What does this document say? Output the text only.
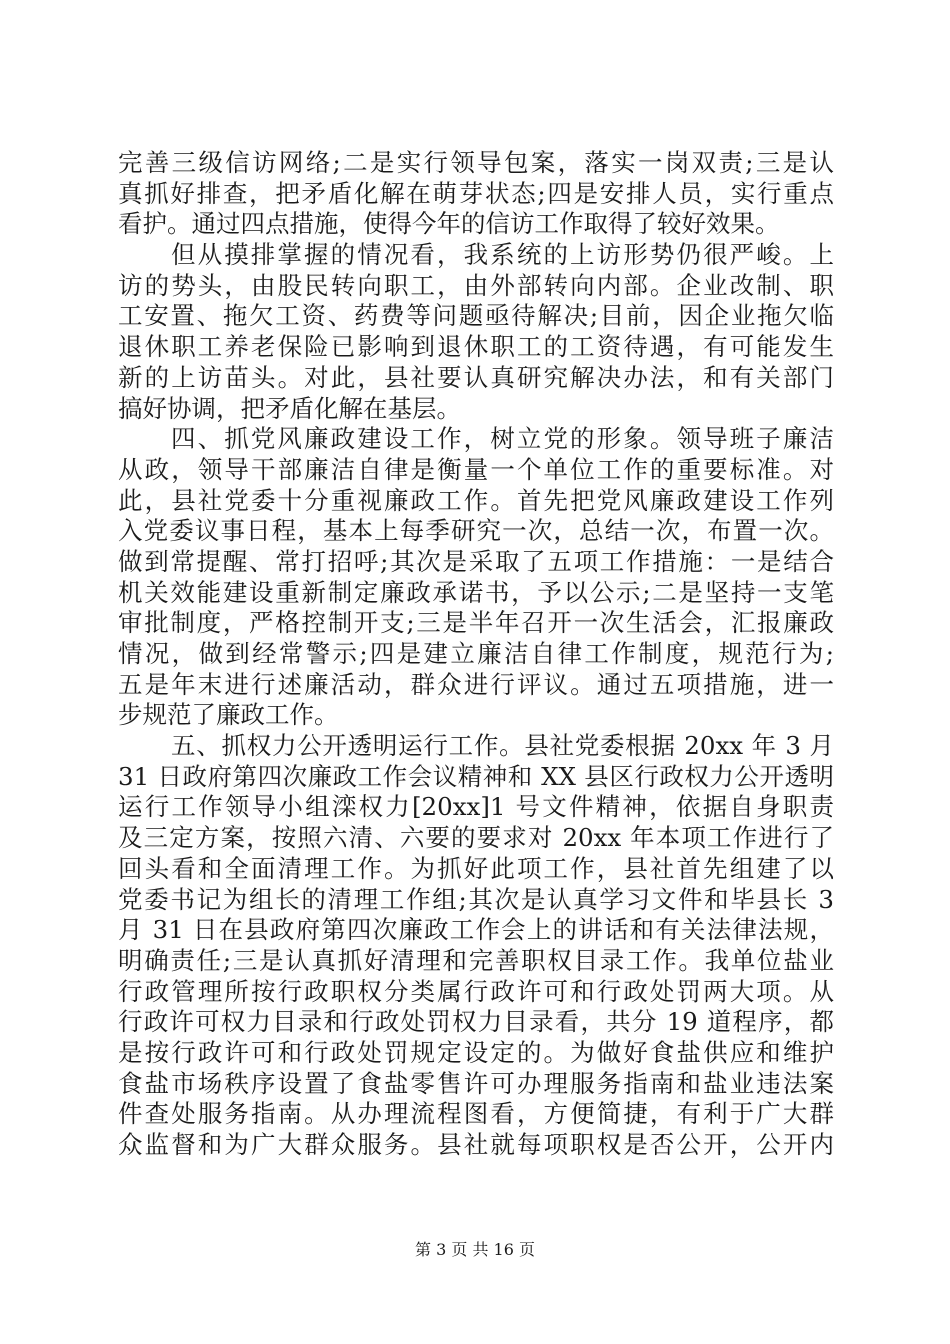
完善三级信访网络;二是实行领导包案，落实一岗双责;三是认
真抓好排查，把矛盾化解在萌芽状态;四是安排人员，实行重点
看护。通过四点措施，使得今年的信访工作取得了较好效果。
但从摸排掌握的情况看，我系统的上访形势仍很严峻。上
访的势头，由股民转向职工，由外部转向内部。企业改制、职
工安置、拖欠工资、药费等问题亟待解决;目前，因企业拖欠临
退休职工养老保险已影响到退休职工的工资待遇，有可能发生
新的上访苗头。对此，县社要认真研究解决办法，和有关部门
搞好协调，把矛盾化解在基层。
四、抓党风廉政建设工作，树立党的形象。领导班子廉洁
从政，领导干部廉洁自律是衡量一个单位工作的重要标准。对
此，县社党委十分重视廉政工作。首先把党风廉政建设工作列
入党委议事日程，基本上每季研究一次，总结一次，布置一次。
做到常提醒、常打招呼;其次是采取了五项工作措施：一是结合
机关效能建设重新制定廉政承诺书，予以公示;二是坚持一支笔
审批制度，严格控制开支;三是半年召开一次生活会，汇报廉政
情况，做到经常警示;四是建立廉洁自律工作制度，规范行为;
五是年末进行述廉活动，群众进行评议。通过五项措施，进一
步规范了廉政工作。
五、抓权力公开透明运行工作。县社党委根据 20xx 年 3 月
31 日政府第四次廉政工作会议精神和 XX 县区行政权力公开透明
运行工作领导小组滦权力[20xx]1 号文件精神，依据自身职责
及三定方案，按照六清、六要的要求对 20xx 年本项工作进行了
回头看和全面清理工作。为抓好此项工作，县社首先组建了以
党委书记为组长的清理工作组;其次是认真学习文件和毕县长 3
月 31 日在县政府第四次廉政工作会上的讲话和有关法律法规，
明确责任;三是认真抓好清理和完善职权目录工作。我单位盐业
行政管理所按行政职权分类属行政许可和行政处罚两大项。从
行政许可权力目录和行政处罚权力目录看，共分 19 道程序，都
是按行政许可和行政处罚规定设定的。为做好食盐供应和维护
食盐市场秩序设置了食盐零售许可办理服务指南和盐业违法案
件查处服务指南。从办理流程图看，方便简捷，有利于广大群
众监督和为广大群众服务。县社就每项职权是否公开，公开内
第 3 页 共 16 页
